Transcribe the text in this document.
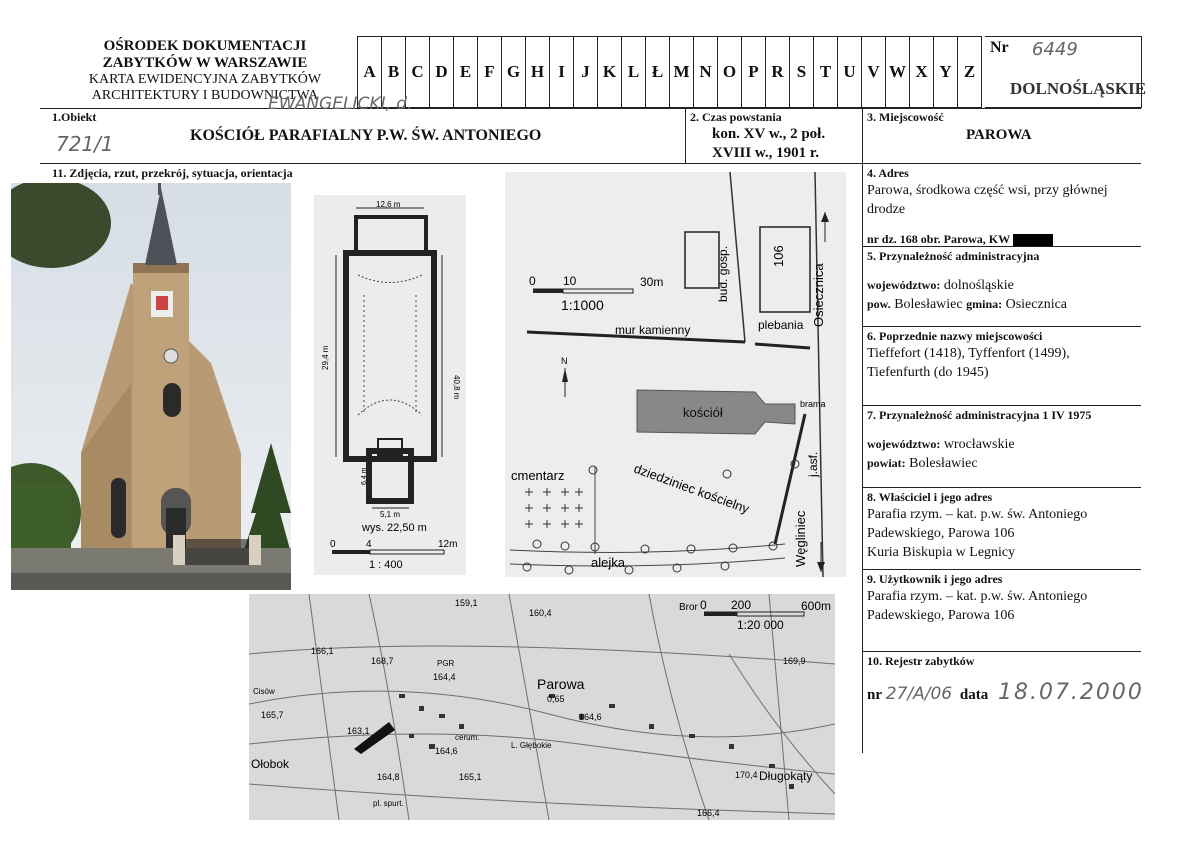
OŚRODEK DOKUMENTACJI
ZABYTKÓW W WARSZAWIE
KARTA EWIDENCYJNA ZABYTKÓW
ARCHITEKTURY I BUDOWNICTWA
A B C D E F G H I J K L Ł M N O P R S T U V W X Y Z
Nr 6449
DOLNOŚLĄSKIE
1.Obiekt
EWANGELICKI, d.
721/1	KOŚCIÓŁ PARAFIALNY P.W. ŚW. ANTONIEGO
2. Czas powstania
kon. XV w., 2 poł.
XVIII w., 1901 r.
3. Miejscowość
PAROWA
11. Zdjęcia, rzut, przekrój, sytuacja, orientacja	4. Adres
Parowa, środkowa część wsi, przy głównej
drodze
nr dz. 168 obr. Parowa, KW
5. Przynależność administracyjna
województwo: dolnośląskie
pow. Bolesławiec gmina: Osiecznica
6. Poprzednie nazwy miejscowości
Tieffefort (1418), Tyffenfort (1499),
Tiefenfurth (do 1945)
7. Przynależność administracyjna 1 IV 1975
województwo: wrocławskie
powiat: Bolesławiec
8. Właściciel i jego adres
Parafia rzym. – kat. p.w. św. Antoniego
Padewskiego, Parowa 106
Kuria Biskupia w Legnicy
9. Użytkownik i jego adres
Parafia rzym. – kat. p.w. św. Antoniego
Padewskiego, Parowa 106
10. Rejestr zabytków
nr 27/A/06 data 18.07.2000
12,6 m
40,8 m
29,4 m
6,4 m
5,1 m
wys. 22,50 m
0	4	12m
1 : 400
106
bud. gosp.
plebania Osiecznica
mur kamienny
0 10	30m
1:1000
N
kościół
brama
j.asf.
Węgliniec
cmentarz	dziedziniec kościelny
alejka
0 200	600m
1:20 000
Bror
Parowa
0,65
Ołobok
Długokąty
159,1
160,4
166,1
168,7
164,4
165,7
163,1
164,6
164,6
164,8	165,1	170,4
166,4
169,9
PGR
Cisów
cerum.
L. Głębokie
pl. spurt.
